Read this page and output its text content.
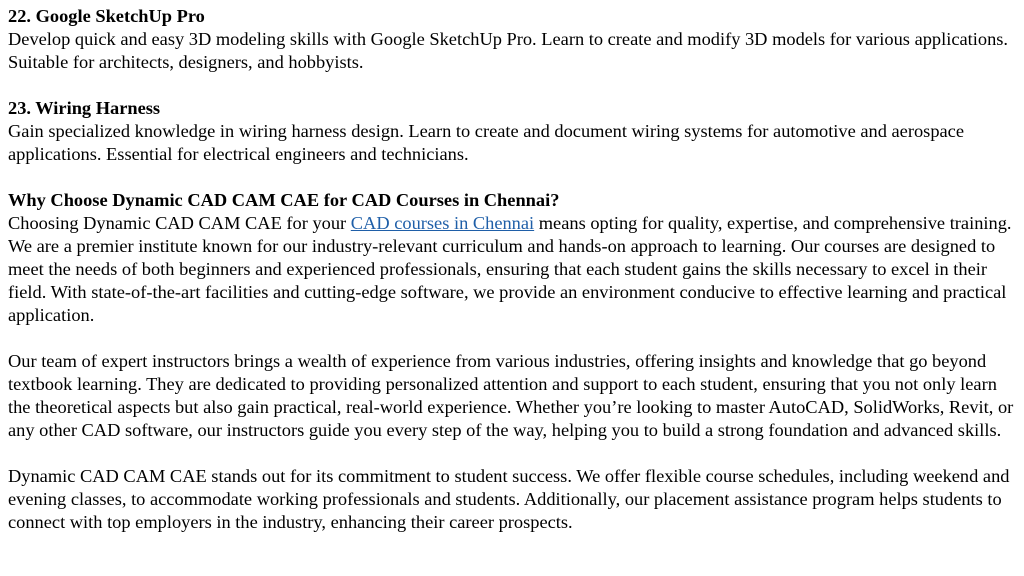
22. Google SketchUp Pro
Develop quick and easy 3D modeling skills with Google SketchUp Pro. Learn to create and modify 3D models for various applications. Suitable for architects, designers, and hobbyists.
23. Wiring Harness
Gain specialized knowledge in wiring harness design. Learn to create and document wiring systems for automotive and aerospace applications. Essential for electrical engineers and technicians.
Why Choose Dynamic CAD CAM CAE for CAD Courses in Chennai?
Choosing Dynamic CAD CAM CAE for your CAD courses in Chennai means opting for quality, expertise, and comprehensive training. We are a premier institute known for our industry-relevant curriculum and hands-on approach to learning. Our courses are designed to meet the needs of both beginners and experienced professionals, ensuring that each student gains the skills necessary to excel in their field. With state-of-the-art facilities and cutting-edge software, we provide an environment conducive to effective learning and practical application.
Our team of expert instructors brings a wealth of experience from various industries, offering insights and knowledge that go beyond textbook learning. They are dedicated to providing personalized attention and support to each student, ensuring that you not only learn the theoretical aspects but also gain practical, real-world experience. Whether you’re looking to master AutoCAD, SolidWorks, Revit, or any other CAD software, our instructors guide you every step of the way, helping you to build a strong foundation and advanced skills.
Dynamic CAD CAM CAE stands out for its commitment to student success. We offer flexible course schedules, including weekend and evening classes, to accommodate working professionals and students. Additionally, our placement assistance program helps students to connect with top employers in the industry, enhancing their career prospects.
